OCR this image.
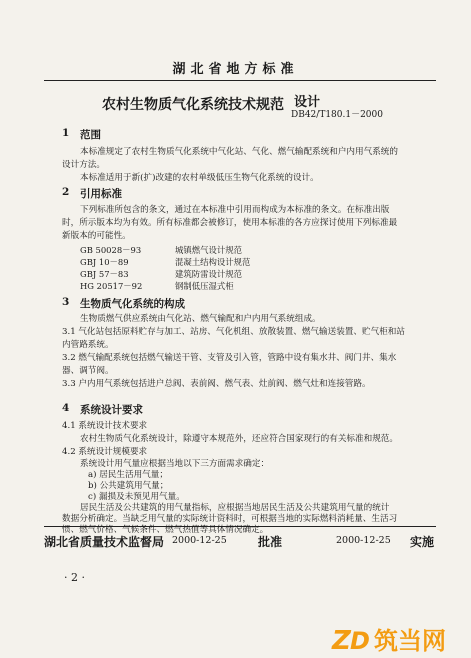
湖北省地方标准
农村生物质气化系统技术规范 设计
DB42/T180.1－2000
1 范围
本标准规定了农村生物质气化系统中气化站、气化、燃气输配系统和户内用气系统的
设计方法。
本标准适用于新(扩)改建的农村单级低压生物气化系统的设计。
2 引用标准
下列标准所包含的条文，通过在本标准中引用而构成为本标准的条文。在标准出版
时，所示版本均为有效。所有标准都会被修订，使用本标准的各方应探讨使用下列标准最
新版本的可能性。
GB 50028－93	城镇燃气设计规范
GBJ 10－89	混凝土结构设计规范
GBJ 57－83	建筑防雷设计规范
HG 20517－92	钢制低压湿式柜
3 生物质气化系统的构成
生物质燃气供应系统由气化站、燃气输配和户内用气系统组成。
3.1 气化站包括原料贮存与加工、站房、气化机组、放散装置、燃气输送装置、贮气柜和站
内管路系统。
3.2 燃气输配系统包括燃气输送干管、支管及引入管，管路中设有集水井、阀门井、集水
器、调节阀。
3.3 户内用气系统包括进户总阀、表前阀、燃气表、灶前阀、燃气灶和连接管路。
4 系统设计要求
4.1 系统设计技术要求
农村生物质气化系统设计，除遵守本规范外，还应符合国家现行的有关标准和规范。
4.2 系统设计规模要求
系统设计用气量应根据当地以下三方面需求确定：
a) 居民生活用气量；
b) 公共建筑用气量；
c) 漏损及未预见用气量。
居民生活及公共建筑的用气量指标，应根据当地居民生活及公共建筑用气量的统计
湖北省质量技术监督局 2000-12-25	批准	2000-12-25 实施
· 2 ·
Z D 筑当网
数据分析确定。当缺乏用气量的实际统计资料时，可根据当地的实际燃料消耗量、生活习
惯、燃气价格、气候条件、燃气热值等具体情况确定。
